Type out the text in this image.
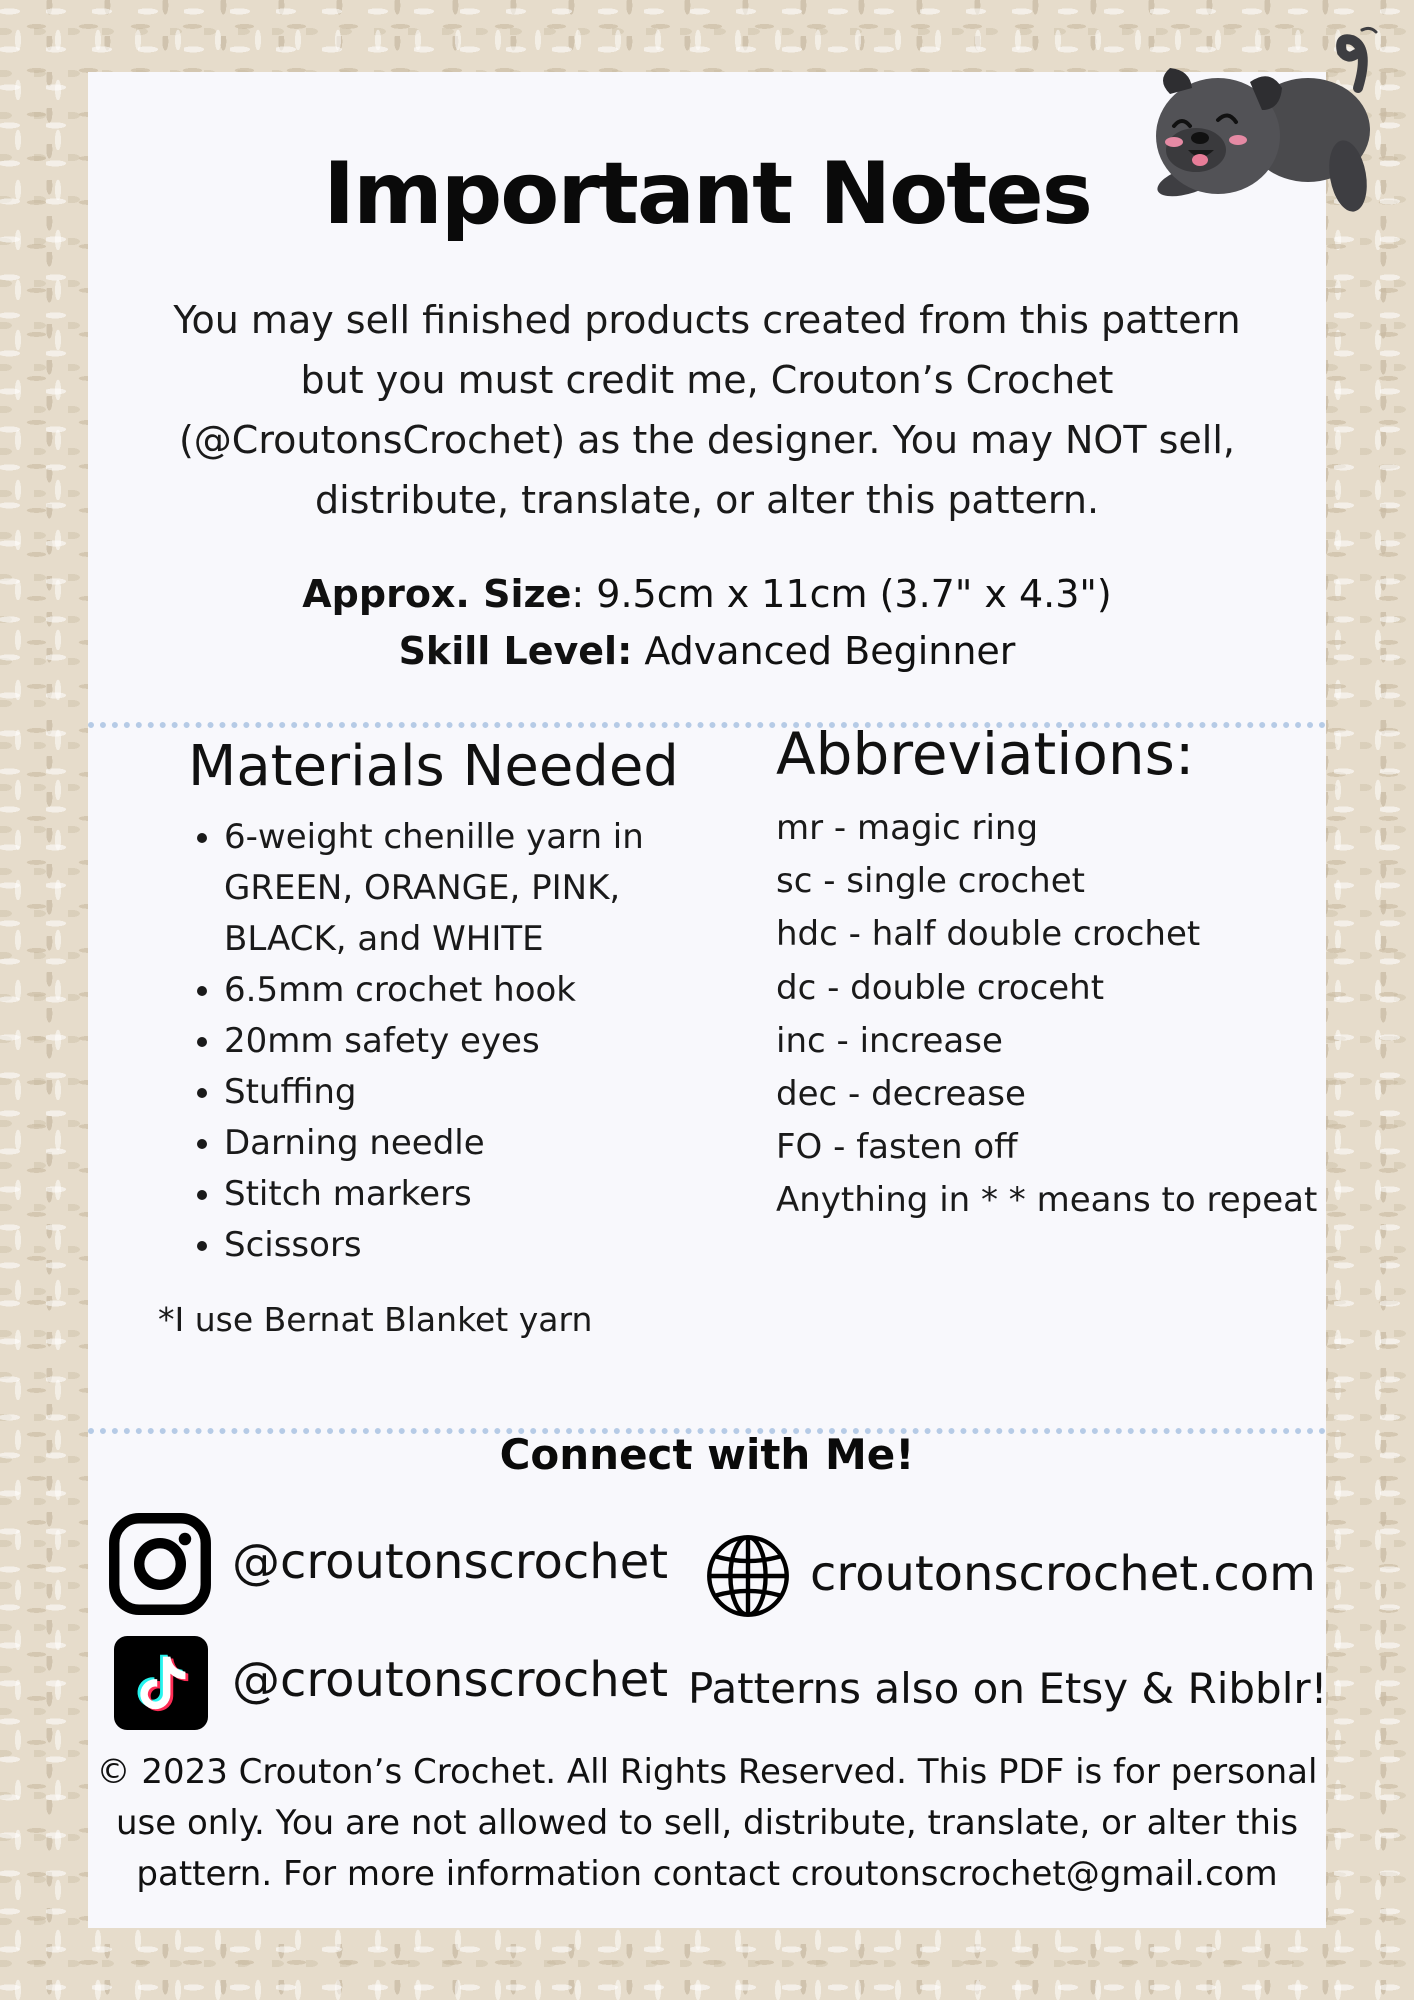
Important Notes
You may sell finished products created from this pattern
but you must credit me, Crouton’s Crochet
(@CroutonsCrochet) as the designer. You may NOT sell,
distribute, translate, or alter this pattern.
Approx. Size: 9.5cm x 11cm (3.7" x 4.3")
Skill Level: Advanced Beginner
Materials Needed
• 6-weight chenille yarn in GREEN, ORANGE, PINK, BLACK, and WHITE
• 6.5mm crochet hook
• 20mm safety eyes
• Stuffing
• Darning needle
• Stitch markers
• Scissors
*I use Bernat Blanket yarn
Abbreviations:
mr - magic ring
sc - single crochet
hdc - half double crochet
dc - double croceht
inc - increase
dec - decrease
FO - fasten off
Anything in * * means to repeat
Connect with Me!
@croutonscrochet	croutonscrochet.com
@croutonscrochet Patterns also on Etsy & Ribblr!
© 2023 Crouton’s Crochet. All Rights Reserved. This PDF is for personal
use only. You are not allowed to sell, distribute, translate, or alter this
pattern. For more information contact croutonscrochet@gmail.com
